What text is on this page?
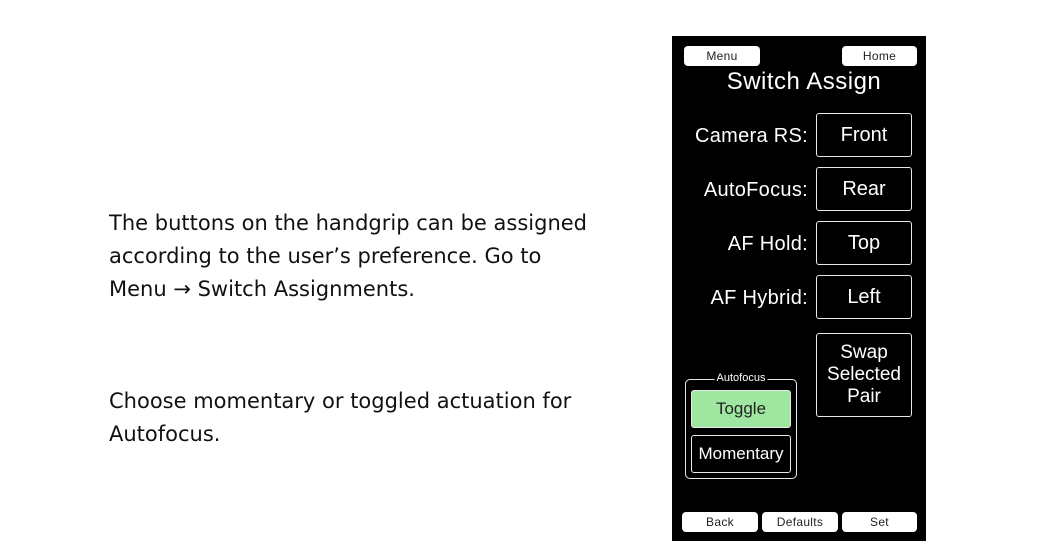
The buttons on the handgrip can be assigned
according to the user’s preference. Go to
Menu → Switch Assignments.

Choose momentary or toggled actuation for
Autofocus.

Menu	Home
Switch Assign
Camera RS:	Front
AutoFocus:	Rear
AF Hold:	Top
AF Hybrid:	Left
Swap
Selected
Pair
Autofocus
Toggle
Momentary
Back	Defaults	Set
